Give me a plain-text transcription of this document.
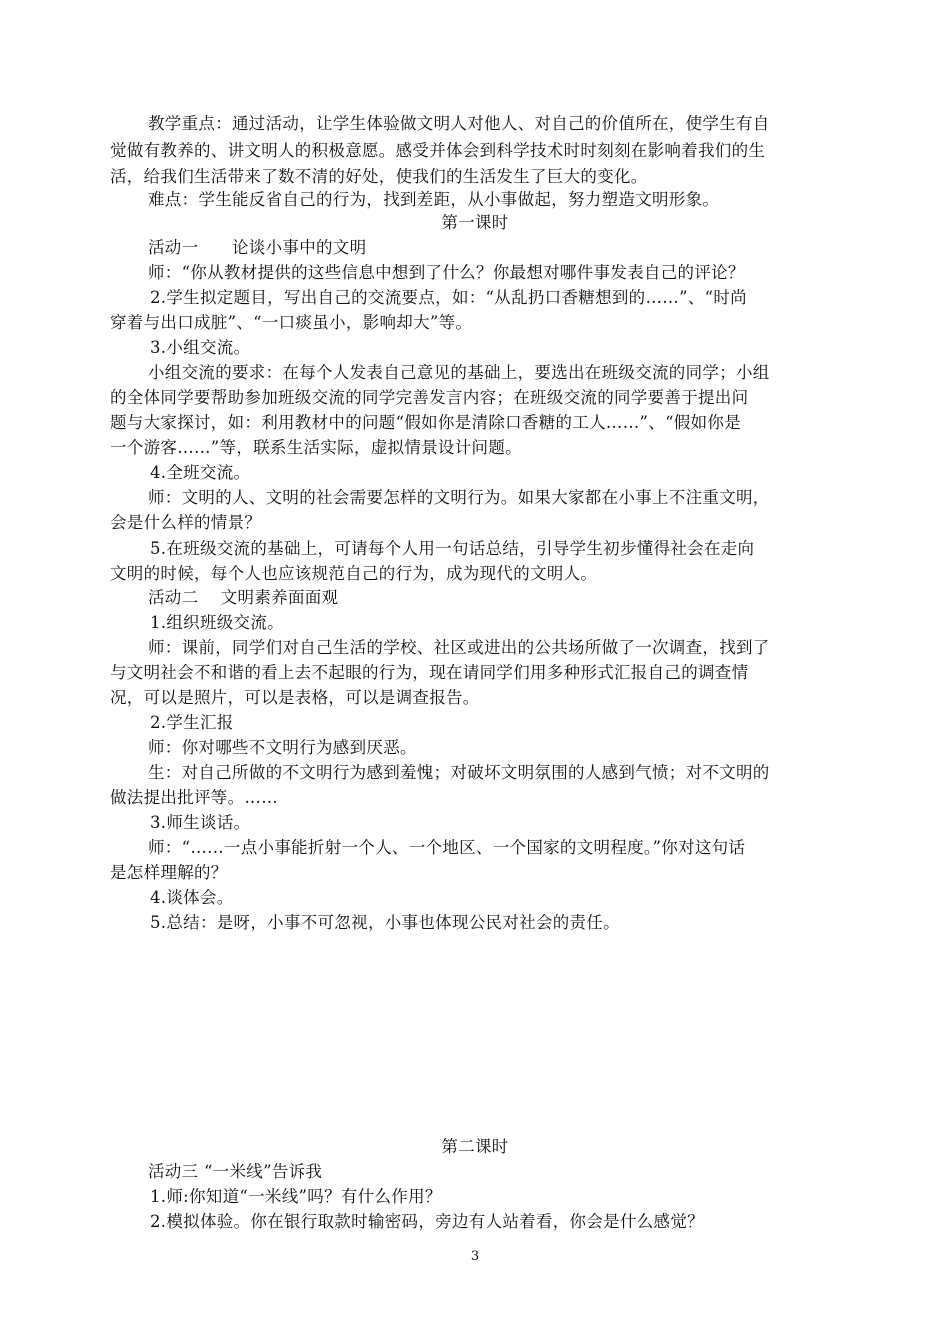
教学重点：通过活动，让学生体验做文明人对他人、对自己的价值所在，使学生有自
觉做有教养的、讲文明人的积极意愿。感受并体会到科学技术时时刻刻在影响着我们的生
活，给我们生活带来了数不清的好处，使我们的生活发生了巨大的变化。
难点：学生能反省自己的行为，找到差距，从小事做起，努力塑造文明形象。
第一课时
活动一　　论谈小事中的文明
师：“你从教材提供的这些信息中想到了什么？你最想对哪件事发表自己的评论？
2.学生拟定题目，写出自己的交流要点，如：“从乱扔口香糖想到的……”、“时尚
穿着与出口成脏”、“一口痰虽小，影响却大”等。
3.小组交流。
小组交流的要求：在每个人发表自己意见的基础上，要选出在班级交流的同学；小组
的全体同学要帮助参加班级交流的同学完善发言内容；在班级交流的同学要善于提出问
题与大家探讨，如：利用教材中的问题“假如你是清除口香糖的工人……”、“假如你是
一个游客……”等，联系生活实际，虚拟情景设计问题。
4.全班交流。
师：文明的人、文明的社会需要怎样的文明行为。如果大家都在小事上不注重文明，
会是什么样的情景？
5.在班级交流的基础上，可请每个人用一句话总结，引导学生初步懂得社会在走向
文明的时候，每个人也应该规范自己的行为，成为现代的文明人。
活动二　 文明素养面面观
1.组织班级交流。
师：课前，同学们对自己生活的学校、社区或进出的公共场所做了一次调查，找到了
与文明社会不和谐的看上去不起眼的行为，现在请同学们用多种形式汇报自己的调查情
况，可以是照片，可以是表格，可以是调查报告。
2.学生汇报
师：你对哪些不文明行为感到厌恶。
生：对自己所做的不文明行为感到羞愧；对破坏文明氛围的人感到气愤；对不文明的
做法提出批评等。……
3.师生谈话。
师：“……一点小事能折射一个人、一个地区、一个国家的文明程度。”你对这句话
是怎样理解的？
4.谈体会。
5.总结：是呀，小事不可忽视，小事也体现公民对社会的责任。
第二课时
活动三 “一米线”告诉我
1.师:你知道“一米线”吗？有什么作用？
2.模拟体验。你在银行取款时输密码，旁边有人站着看，你会是什么感觉？
3
